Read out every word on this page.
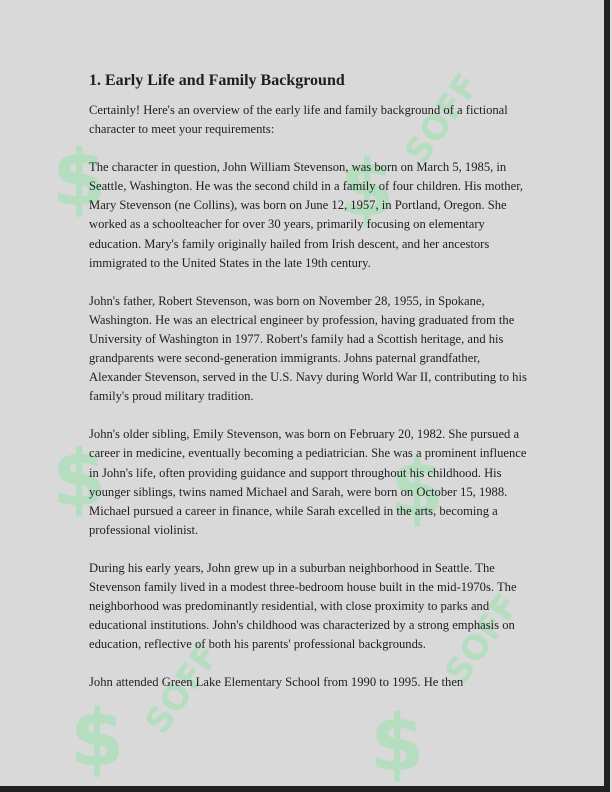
$	$
SOFF
$	$
SOFF
$	$
SOFF
1. Early Life and Family Background

Certainly! Here's an overview of the early life and family background of a fictional character to meet your requirements:

The character in question, John William Stevenson, was born on March 5, 1985, in Seattle, Washington. He was the second child in a family of four children. His mother, Mary Stevenson (ne Collins), was born on June 12, 1957, in Portland, Oregon. She worked as a schoolteacher for over 30 years, primarily focusing on elementary education. Mary's family originally hailed from Irish descent, and her ancestors immigrated to the United States in the late 19th century.

John's father, Robert Stevenson, was born on November 28, 1955, in Spokane, Washington. He was an electrical engineer by profession, having graduated from the University of Washington in 1977. Robert's family had a Scottish heritage, and his grandparents were second-generation immigrants. Johns paternal grandfather, Alexander Stevenson, served in the U.S. Navy during World War II, contributing to his family's proud military tradition.

John's older sibling, Emily Stevenson, was born on February 20, 1982. She pursued a career in medicine, eventually becoming a pediatrician. She was a prominent influence in John's life, often providing guidance and support throughout his childhood. His younger siblings, twins named Michael and Sarah, were born on October 15, 1988. Michael pursued a career in finance, while Sarah excelled in the arts, becoming a professional violinist.

During his early years, John grew up in a suburban neighborhood in Seattle. The Stevenson family lived in a modest three-bedroom house built in the mid-1970s. The neighborhood was predominantly residential, with close proximity to parks and educational institutions. John's childhood was characterized by a strong emphasis on education, reflective of both his parents' professional backgrounds.

John attended Green Lake Elementary School from 1990 to 1995. He then
